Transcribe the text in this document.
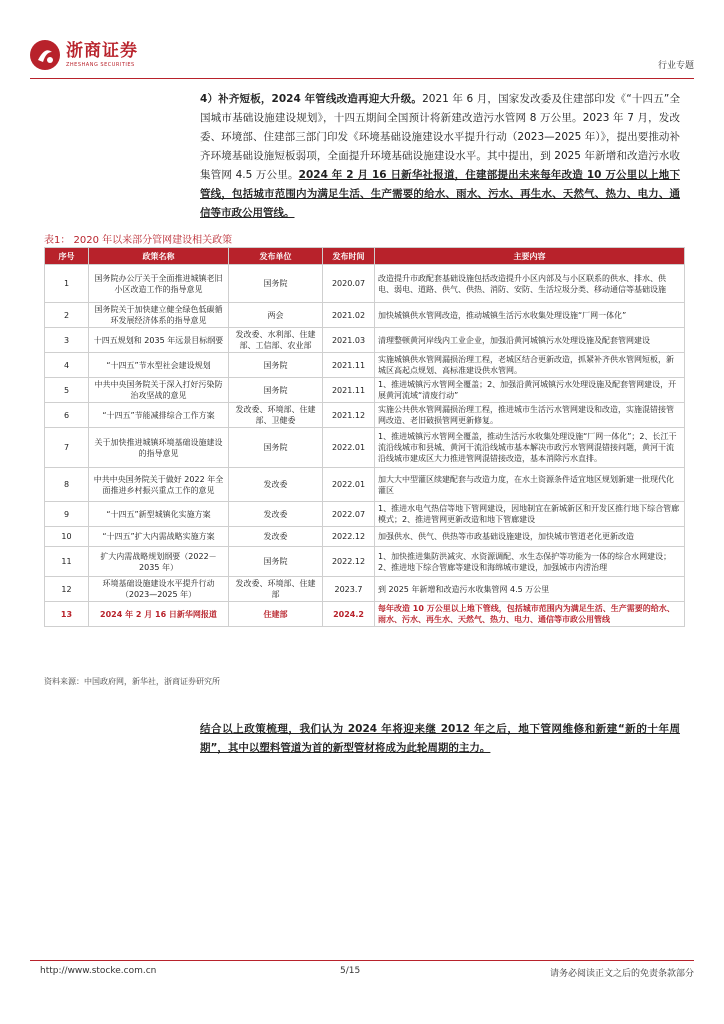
浙商证券
ZHESHANG SECURITIES	行业专题
4）补齐短板，2024 年管线改造再迎大升级。2021 年 6 月，国家发改委及住建部印发《“十四五”全国城市基础设施建设规划》，十四五期间全国预计将新建改造污水管网 8 万公里。2023 年 7 月，发改委、环境部、住建部三部门印发《环境基础设施建设水平提升行动（2023—2025 年）》，提出要推动补齐环境基础设施短板弱项，全面提升环境基础设施建设水平。其中提出，到 2025 年新增和改造污水收集管网 4.5 万公里。2024 年 2 月 16 日新华社报道，住建部提出未来每年改造 10 万公里以上地下管线，包括城市范围内为满足生活、生产需要的给水、雨水、污水、再生水、天然气、热力、电力、通信等市政公用管线。
表1： 2020 年以来部分管网建设相关政策
序号	政策名称	发布单位	发布时间	主要内容
1	国务院办公厅关于全面推进城镇老旧小区改造工作的指导意见	国务院	2020.07	改造提升市政配套基础设施包括改造提升小区内部及与小区联系的供水、排水、供电、弱电、道路、供气、供热、消防、安防、生活垃圾分类、移动通信等基础设施
2	国务院关于加快建立健全绿色低碳循环发展经济体系的指导意见	两会	2021.02	加快城镇供水管网改造，推动城镇生活污水收集处理设施“厂网一体化”
3	十四五规划和 2035 年远景目标纲要	发改委、水利部、住建部、工信部、农业部	2021.03	清理整顿黄河岸线内工业企业，加强沿黄河城镇污水处理设施及配套管网建设
4	“十四五”节水型社会建设规划	国务院	2021.11	实施城镇供水管网漏损治理工程，老城区结合更新改造，抓紧补齐供水管网短板，新城区高起点规划、高标准建设供水管网。
5	中共中央国务院关于深入打好污染防治攻坚战的意见	国务院	2021.11	1、推进城镇污水管网全覆盖；2、加强沿黄河城镇污水处理设施及配套管网建设，开展黄河流域“清废行动”
6	“十四五”节能减排综合工作方案	发改委、环境部、住建部、卫健委	2021.12	实施公共供水管网漏损治理工程，推进城市生活污水管网建设和改造，实施混错接管网改造、老旧破损管网更新修复。
7	关于加快推进城镇环境基础设施建设的指导意见	国务院	2022.01	1、推进城镇污水管网全覆盖，推动生活污水收集处理设施“厂网一体化”；2、长江干流沿线城市和县城、黄河干流沿线城市基本解决市政污水管网混错接问题，黄河干流沿线城市建成区大力推进管网混错接改造，基本消除污水直排。
8	中共中央国务院关于做好 2022 年全面推进乡村振兴重点工作的意见	发改委	2022.01	加大大中型灌区续建配套与改造力度，在水土资源条件适宜地区规划新建一批现代化灌区
9	“十四五”新型城镇化实施方案	发改委	2022.07	1、推进水电气热信等地下管网建设，因地制宜在新城新区和开发区推行地下综合管廊模式；2、推进管网更新改造和地下管廊建设
10	“十四五”扩大内需战略实施方案	发改委	2022.12	加强供水、供气、供热等市政基础设施建设，加快城市管道老化更新改造
11	扩大内需战略规划纲要（2022－2035 年）	国务院	2022.12	1、加快推进集防洪减灾、水资源调配、水生态保护等功能为一体的综合水网建设；2、推进地下综合管廊等建设和海绵城市建设，加强城市内涝治理
12	环境基础设施建设水平提升行动（2023—2025 年）	发改委、环境部、住建部	2023.7	到 2025 年新增和改造污水收集管网 4.5 万公里
13	2024 年 2 月 16 日新华网报道	住建部	2024.2	每年改造 10 万公里以上地下管线，包括城市范围内为满足生活、生产需要的给水、雨水、污水、再生水、天然气、热力、电力、通信等市政公用管线
资料来源：中国政府网，新华社，浙商证券研究所
结合以上政策梳理，我们认为 2024 年将迎来继 2012 年之后，地下管网维修和新建“新的十年周期”，其中以塑料管道为首的新型管材将成为此轮周期的主力。
http://www.stocke.com.cn	5/15	请务必阅读正文之后的免责条款部分
